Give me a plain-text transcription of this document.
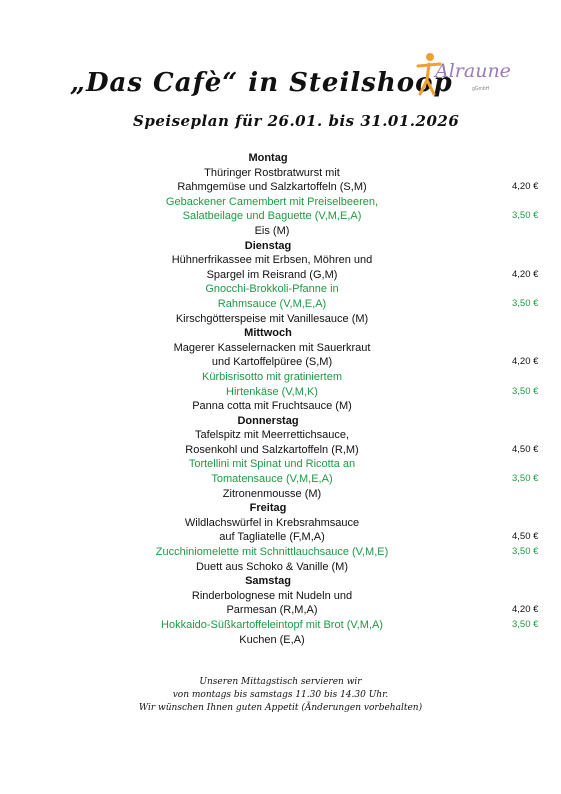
„Das Cafè“ in Steilshoop
Speiseplan für 26.01. bis 31.01.2026
Alraune
gGmbH
Montag
Thüringer Rostbratwurst mit
Rahmgemüse und Salzkartoffeln (S,M)	4,20 €
Gebackener Camembert mit Preiselbeeren,
Salatbeilage und Baguette (V,M,E,A)	3,50 €
Eis (M)
Dienstag
Hühnerfrikassee mit Erbsen, Möhren und
Spargel im Reisrand (G,M)	4,20 €
Gnocchi-Brokkoli-Pfanne in
Rahmsauce (V,M,E,A)	3,50 €
Kirschgötterspeise mit Vanillesauce (M)
Mittwoch
Magerer Kasselernacken mit Sauerkraut
und Kartoffelpüree (S,M)	4,20 €
Kürbisrisotto mit gratiniertem
Hirtenkäse (V,M,K)	3,50 €
Panna cotta mit Fruchtsauce (M)
Donnerstag
Tafelspitz mit Meerrettichsauce,
Rosenkohl und Salzkartoffeln (R,M)	4,50 €
Tortellini mit Spinat und Ricotta an
Tomatensauce (V,M,E,A)	3,50 €
Zitronenmousse (M)
Freitag
Wildlachswürfel in Krebsrahmsauce
auf Tagliatelle (F,M,A)	4,50 €
Zucchiniomelette mit Schnittlauchsauce (V,M,E)	3,50 €
Duett aus Schoko & Vanille (M)
Samstag
Rinderbolognese mit Nudeln und
Parmesan (R,M,A)	4,20 €
Hokkaido-Süßkartoffeleintopf mit Brot (V,M,A)	3,50 €
Kuchen (E,A)
Unseren Mittagstisch servieren wir
von montags bis samstags 11.30 bis 14.30 Uhr.
Wir wünschen Ihnen guten Appetit (Änderungen vorbehalten)
